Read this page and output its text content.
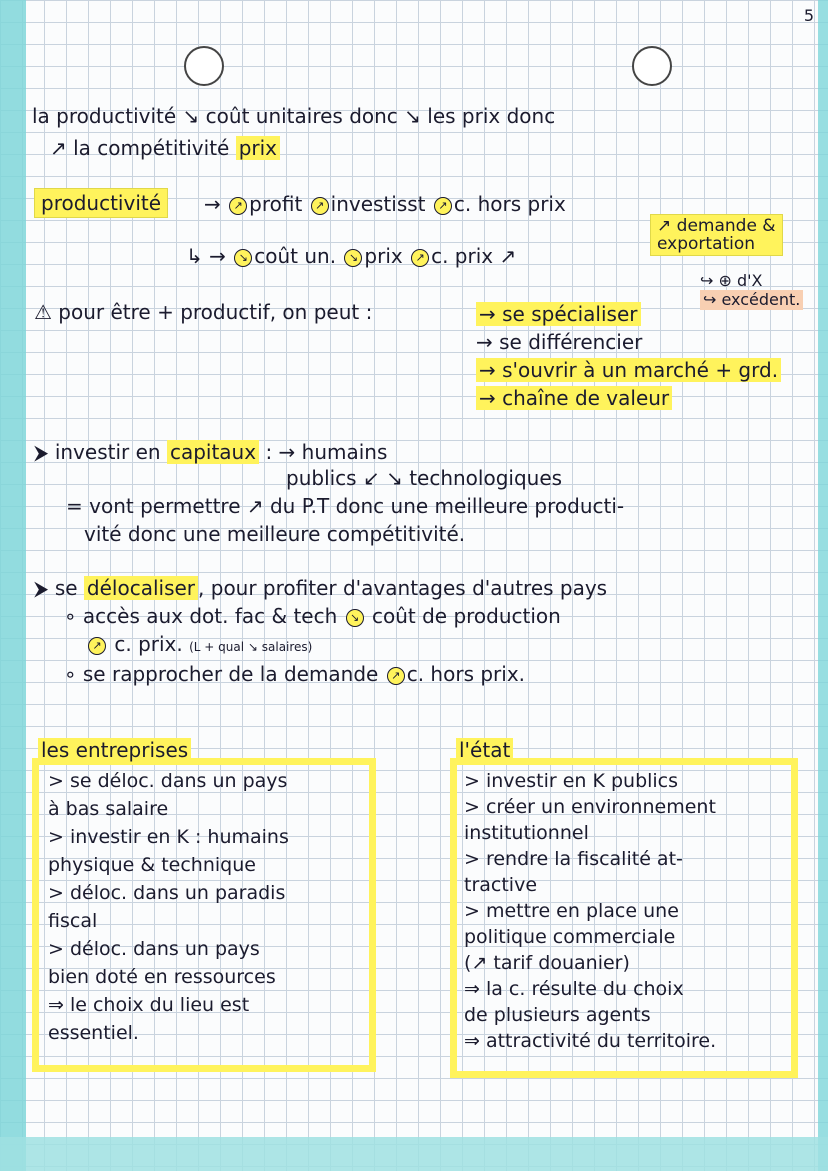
5
la productivité ↘ coût unitaires donc ↘ les prix donc
↗ la compétitivité prix
productivité	→ ↗ profit ↗ investisst ↗ c. hors prix
↳ → ↘ coût un. ↘ prix ↗ c. prix ↗
↗ demande &
exportation
↪ ⊕ d'X
↪ excédent.
⚠ pour être + productif, on peut :	→ se spécialiser
→ se différencier
→ s'ouvrir à un marché + grd.
→ chaîne de valeur
⮞ investir en capitaux : → humains
publics ↙ ↘ technologiques
= vont permettre ↗ du P.T donc une meilleure producti-
vité donc une meilleure compétitivité.
⮞ se délocaliser , pour profiter d'avantages d'autres pays
∘ accès aux dot. fac & tech ↘ coût de production
↗ c. prix. (L + qual ↘ salaires)
∘ se rapprocher de la demande ↗ c. hors prix.
les entreprises
> se déloc. dans un pays
à bas salaire
> investir en K : humains
physique & technique
> déloc. dans un paradis
fiscal
> déloc. dans un pays
bien doté en ressources
⇒ le choix du lieu est
essentiel.
l'état
> investir en K publics
> créer un environnement
institutionnel
> rendre la fiscalité at-
tractive
> mettre en place une
politique commerciale
(↗ tarif douanier)
⇒ la c. résulte du choix
de plusieurs agents
⇒ attractivité du territoire.
